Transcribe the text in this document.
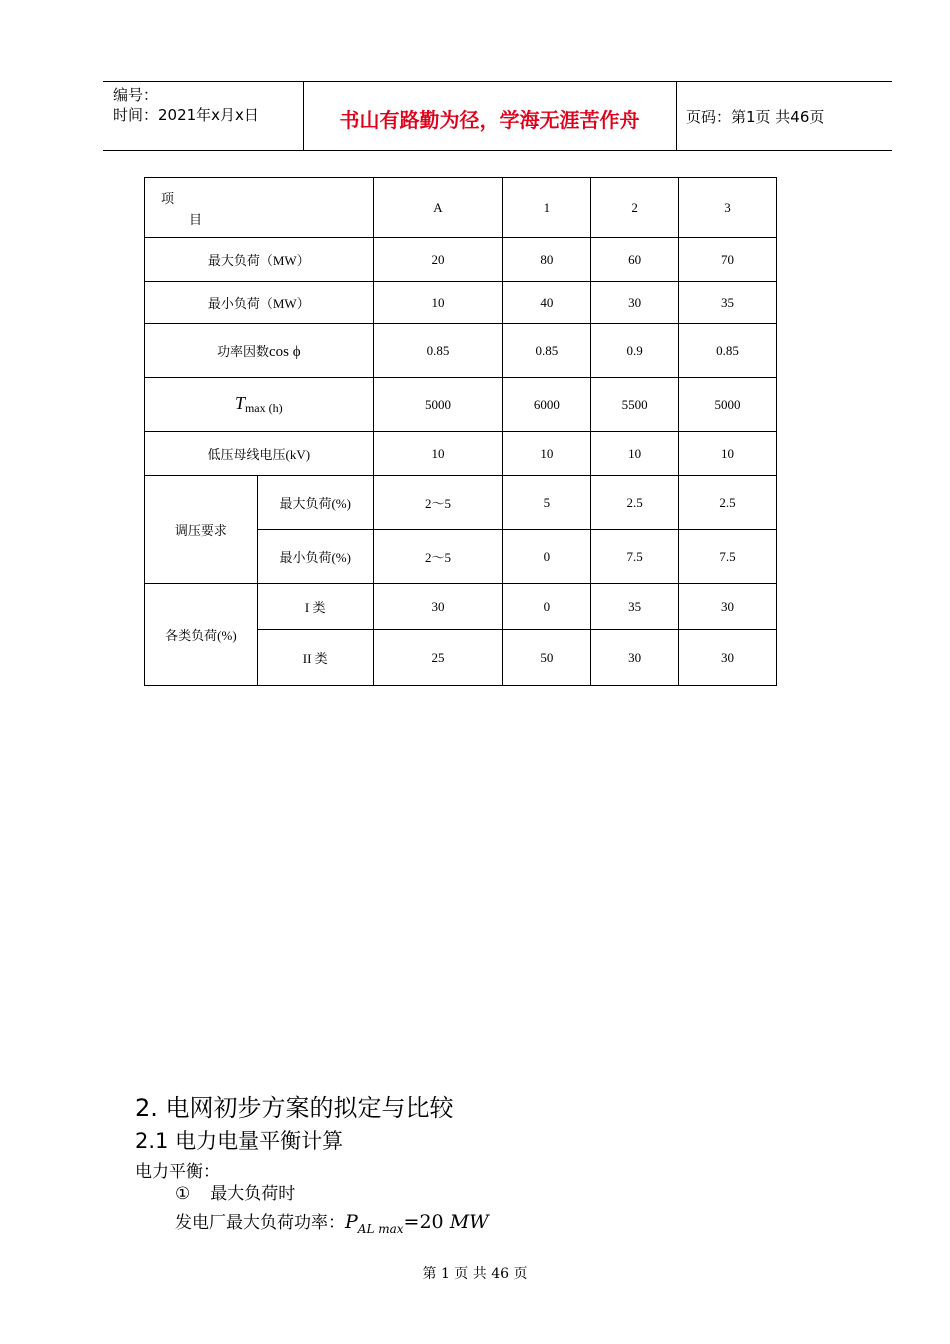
编号：
时间：2021年x月x日	书山有路勤为径，学海无涯苦作舟	页码：第1页 共46页
项
目		A	1	2	3
最大负荷（MW）		20	80	60	70
最小负荷（MW）		10	40	30	35
功率因数cos ϕ		0.85	0.85	0.9	0.85
Tmax (h)		5000	6000	5500	5000
低压母线电压(kV)		10	10	10	10
调压要求	最大负荷(%)	2～5	5	2.5	2.5
	最小负荷(%)	2～5	0	7.5	7.5
各类负荷(%)	I 类	30	0	35	30
	II 类	25	50	30	30
2. 电网初步方案的拟定与比较
2.1 电力电量平衡计算
电力平衡：
① 最大负荷时
发电厂最大负荷功率：$P_{AL max}=20$ MW
第 1 页 共 46 页
